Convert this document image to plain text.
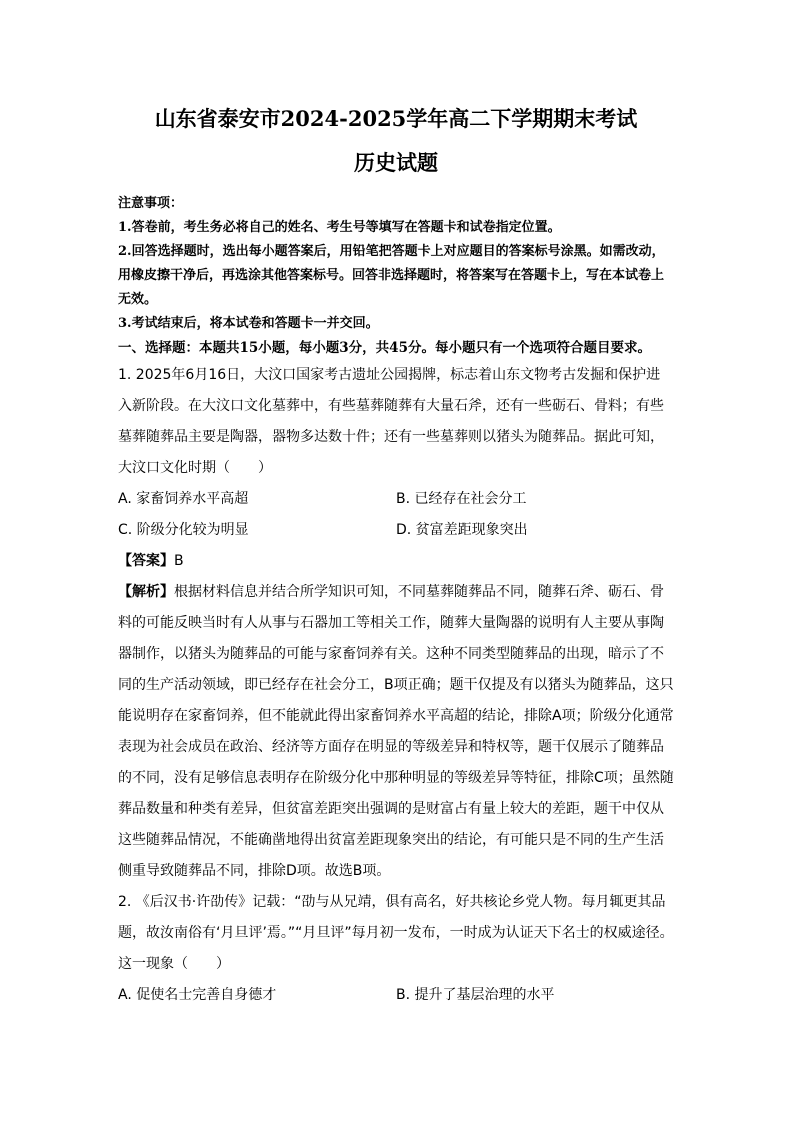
山东省泰安市2024-2025学年高二下学期期末考试
历史试题

注意事项：

1.答卷前，考生务必将自己的姓名、考生号等填写在答题卡和试卷指定位置。

2.回答选择题时，选出每小题答案后，用铅笔把答题卡上对应题目的答案标号涂黑。如需改动，用橡皮擦干净后，再选涂其他答案标号。回答非选择题时，将答案写在答题卡上，写在本试卷上无效。

3.考试结束后，将本试卷和答题卡一并交回。

一、选择题：本题共15小题，每小题3分，共45分。每小题只有一个选项符合题目要求。

1. 2025年6月16日，大汶口国家考古遗址公园揭牌，标志着山东文物考古发掘和保护进入新阶段。在大汶口文化墓葬中，有些墓葬随葬有大量石斧，还有一些砺石、骨料；有些墓葬随葬品主要是陶器，器物多达数十件；还有一些墓葬则以猪头为随葬品。据此可知，大汶口文化时期（　　）

A. 家畜饲养水平高超	B. 已经存在社会分工
C. 阶级分化较为明显	D. 贫富差距现象突出

【答案】B

【解析】根据材料信息并结合所学知识可知，不同墓葬随葬品不同，随葬石斧、砺石、骨料的可能反映当时有人从事与石器加工等相关工作，随葬大量陶器的说明有人主要从事陶器制作，以猪头为随葬品的可能与家畜饲养有关。这种不同类型随葬品的出现，暗示了不同的生产活动领域，即已经存在社会分工，B项正确；题干仅提及有以猪头为随葬品，这只能说明存在家畜饲养，但不能就此得出家畜饲养水平高超的结论，排除A项；阶级分化通常表现为社会成员在政治、经济等方面存在明显的等级差异和特权等，题干仅展示了随葬品的不同，没有足够信息表明存在阶级分化中那种明显的等级差异等特征，排除C项；虽然随葬品数量和种类有差异，但贫富差距突出强调的是财富占有量上较大的差距，题干中仅从这些随葬品情况，不能确凿地得出贫富差距现象突出的结论，有可能只是不同的生产生活侧重导致随葬品不同，排除D项。故选B项。

2. 《后汉书·许劭传》记载：“劭与从兄靖，俱有高名，好共核论乡党人物。每月辄更其品题，故汝南俗有‘月旦评’焉。”“月旦评”每月初一发布，一时成为认证天下名士的权威途径。这一现象（　　）

A. 促使名士完善自身德才	B. 提升了基层治理的水平
